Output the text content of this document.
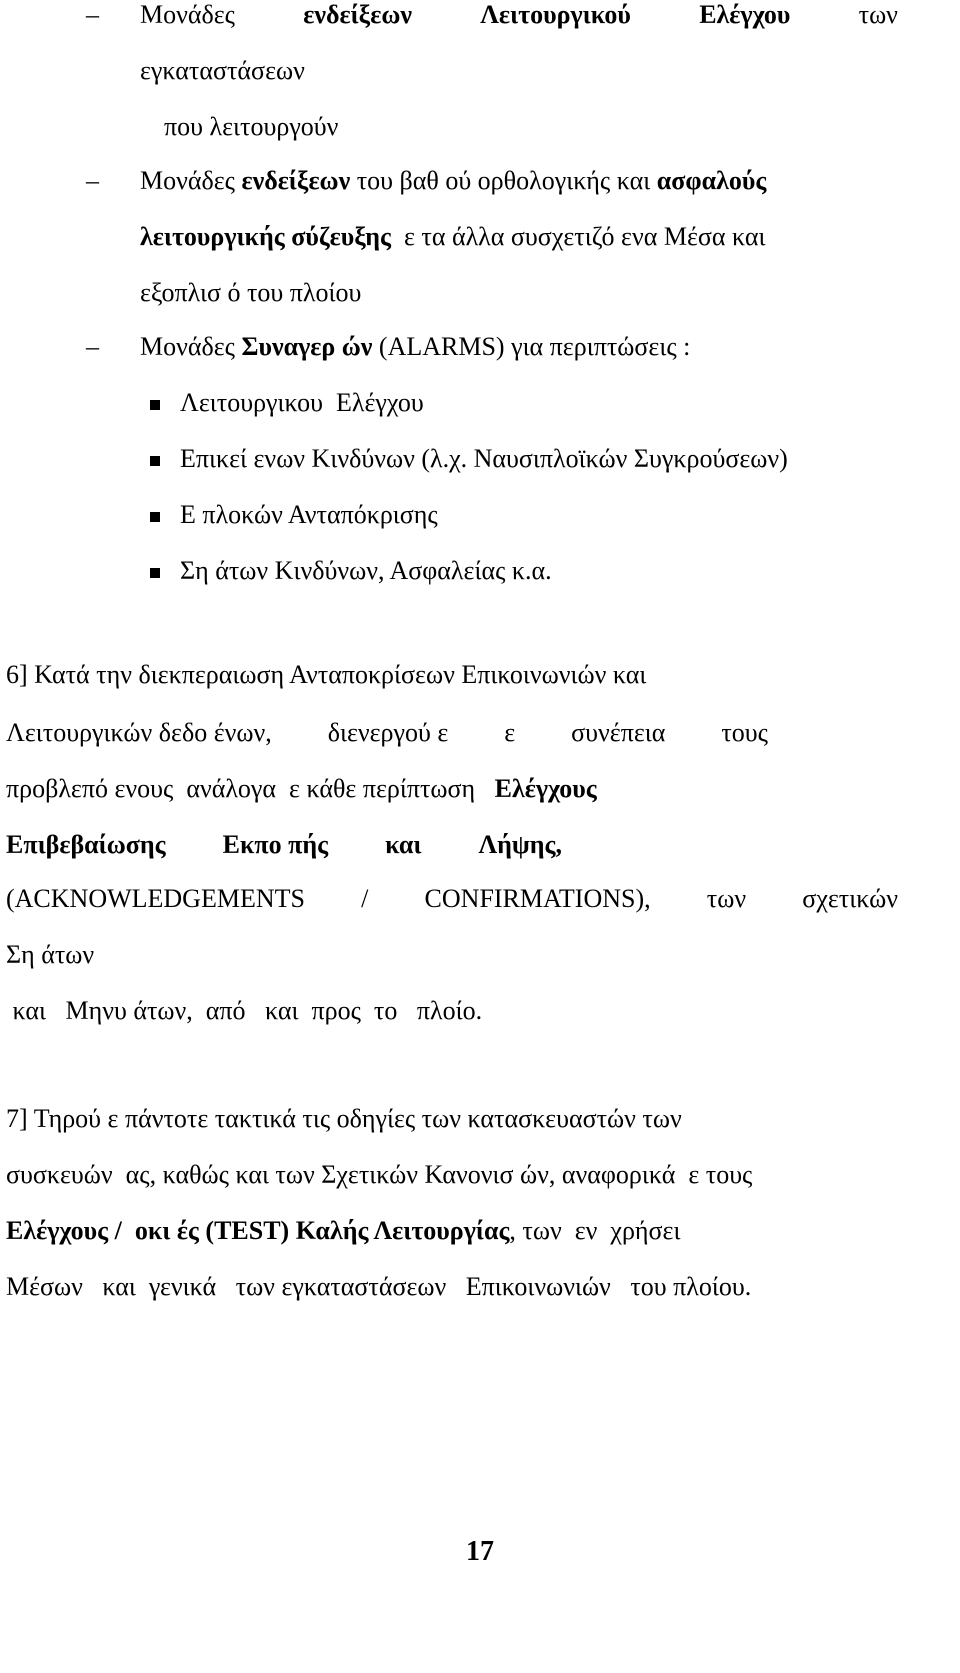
– Μονάδες	ενδείξεων	Λειτουργικού	Ελέγχου	των
εγκαταστάσεων
που λειτουργούν
– Μονάδες ενδείξεων του βαθ ού ορθολογικής και ασφαλούς
λειτουργικής σύζευξης  ε τα άλλα συσχετιζό ενα Μέσα και
εξοπλισ ό του πλοίου
– Μονάδες Συναγερ ών (ALARMS) για περιπτώσεις :
Λειτουργικου  Ελέγχου
Επικεί ενων Κινδύνων (λ.χ. Ναυσιπλοϊκών Συγκρούσεων)
Ε πλοκών Ανταπόκρισης
Ση άτων Κινδύνων, Ασφαλείας κ.α.
6] Κατά την διεκπεραιωση Ανταποκρίσεων Επικοινωνιών και
Λειτουργικών δεδο ένων, διενεργού ε ε συνέπεια τους
προβλεπό ενους  ανάλογα  ε κάθε περίπτωση   Ελέγχους
Επιβεβαίωσης Εκπο πής και Λήψης,
(ACKNOWLEDGEMENTS / CONFIRMATIONS), των σχετικών
Ση άτων
και   Μηνυ άτων,  από   και  προς  το   πλοίο.
7] Τηρού ε πάντοτε τακτικά τις οδηγίες των κατασκευαστών των
συσκευών  ας, καθώς και των Σχετικών Κανονισ ών, αναφορικά  ε τους
Ελέγχους /  οκι ές (TEST) Καλής Λειτουργίας, των  εν  χρήσει
Μέσων   και  γενικά   των εγκαταστάσεων   Επικοινωνιών   του πλοίου.
17
